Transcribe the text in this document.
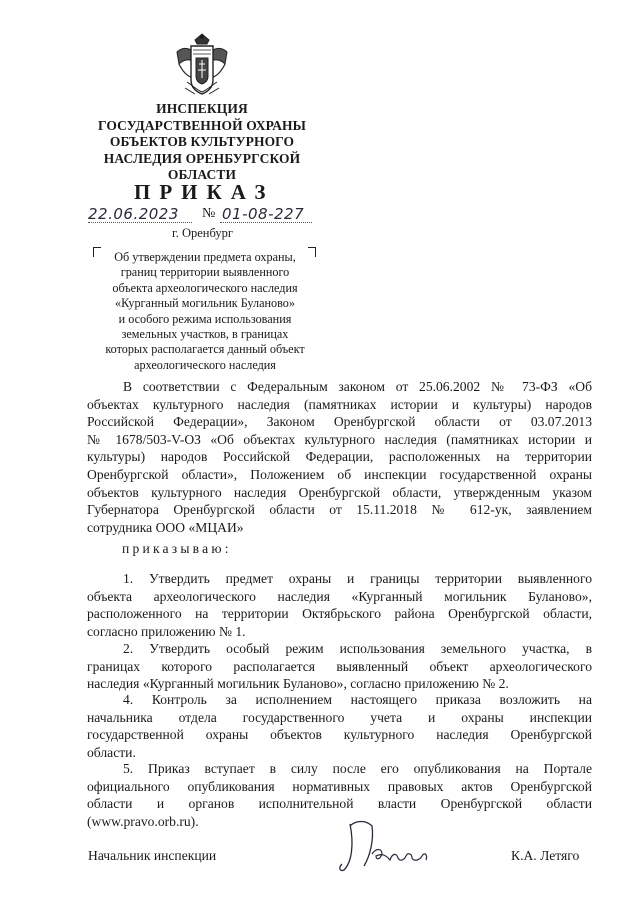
ИНСПЕКЦИЯ
ГОСУДАРСТВЕННОЙ ОХРАНЫ
ОБЪЕКТОВ КУЛЬТУРНОГО
НАСЛЕДИЯ ОРЕНБУРГСКОЙ
ОБЛАСТИ
ПРИКАЗ
22.06.2023 № 01-08-227
г. Оренбург
Об утверждении предмета охраны,
границ территории выявленного
объекта археологического наследия
«Курганный могильник Буланово»
и особого режима использования
земельных участков, в границах
которых располагается данный объект
археологического наследия
В соответствии с Федеральным законом от 25.06.2002 № 73-ФЗ «Об
объектах культурного наследия (памятниках истории и культуры) народов
Российской Федерации», Законом Оренбургской области от 03.07.2013
№ 1678/503-V-ОЗ «Об объектах культурного наследия (памятниках истории и
культуры) народов Российской Федерации, расположенных на территории
Оренбургской области», Положением об инспекции государственной охраны
объектов культурного наследия Оренбургской области, утвержденным указом
Губернатора Оренбургской области от 15.11.2018 № 612-ук, заявлением
сотрудника ООО «МЦАИ»
приказываю:
1. Утвердить предмет охраны и границы территории выявленного
объекта археологического наследия «Курганный могильник Буланово»,
расположенного на территории Октябрьского района Оренбургской области,
согласно приложению № 1.
2. Утвердить особый режим использования земельного участка, в
границах которого располагается выявленный объект археологического
наследия «Курганный могильник Буланово», согласно приложению № 2.
4. Контроль за исполнением настоящего приказа возложить на
начальника отдела государственного учета и охраны инспекции
государственной охраны объектов культурного наследия Оренбургской
области.
5. Приказ вступает в силу после его опубликования на Портале
официального опубликования нормативных правовых актов Оренбургской
области и органов исполнительной власти Оренбургской области
(www.pravo.orb.ru).
Начальник инспекции	К.А. Летяго
